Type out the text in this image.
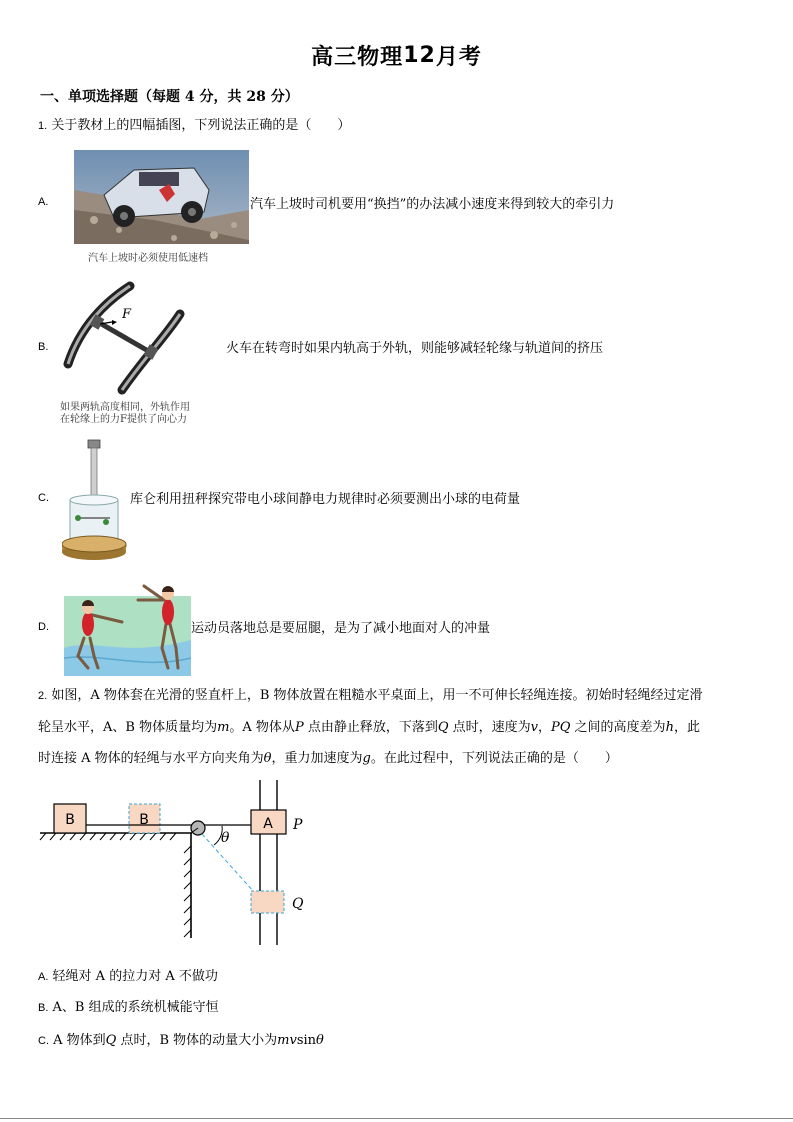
高三物理12月考
一、单项选择题（每题 4 分，共 28 分）
1. 关于教材上的四幅插图，下列说法正确的是（　　）
A.
汽车上坡时必须使用低速档
汽车上坡时司机要用“换挡”的办法减小速度来得到较大的牵引力
B.
F
如果两轨高度相同，外轨作用
在轮缘上的力F提供了向心力
火车在转弯时如果内轨高于外轨，则能够减轻轮缘与轨道间的挤压
C.	库仑利用扭秤探究带电小球间静电力规律时必须要测出小球的电荷量
D.	运动员落地总是要屈腿，是为了减小地面对人的冲量
2. 如图，A 物体套在光滑的竖直杆上，B 物体放置在粗糙水平桌面上，用一不可伸长轻绳连接。初始时轻绳经过定滑
轮呈水平，A、B 物体质量均为m。A 物体从P 点由静止释放，下落到Q 点时，速度为v，PQ 之间的高度差为h，此
时连接 A 物体的轻绳与水平方向夹角为θ，重力加速度为g。在此过程中，下列说法正确的是（　　）
B	B
θ
A P
Q
A. 轻绳对 A 的拉力对 A 不做功
B. A、B 组成的系统机械能守恒
C. A 物体到Q 点时，B 物体的动量大小为mvsinθ
